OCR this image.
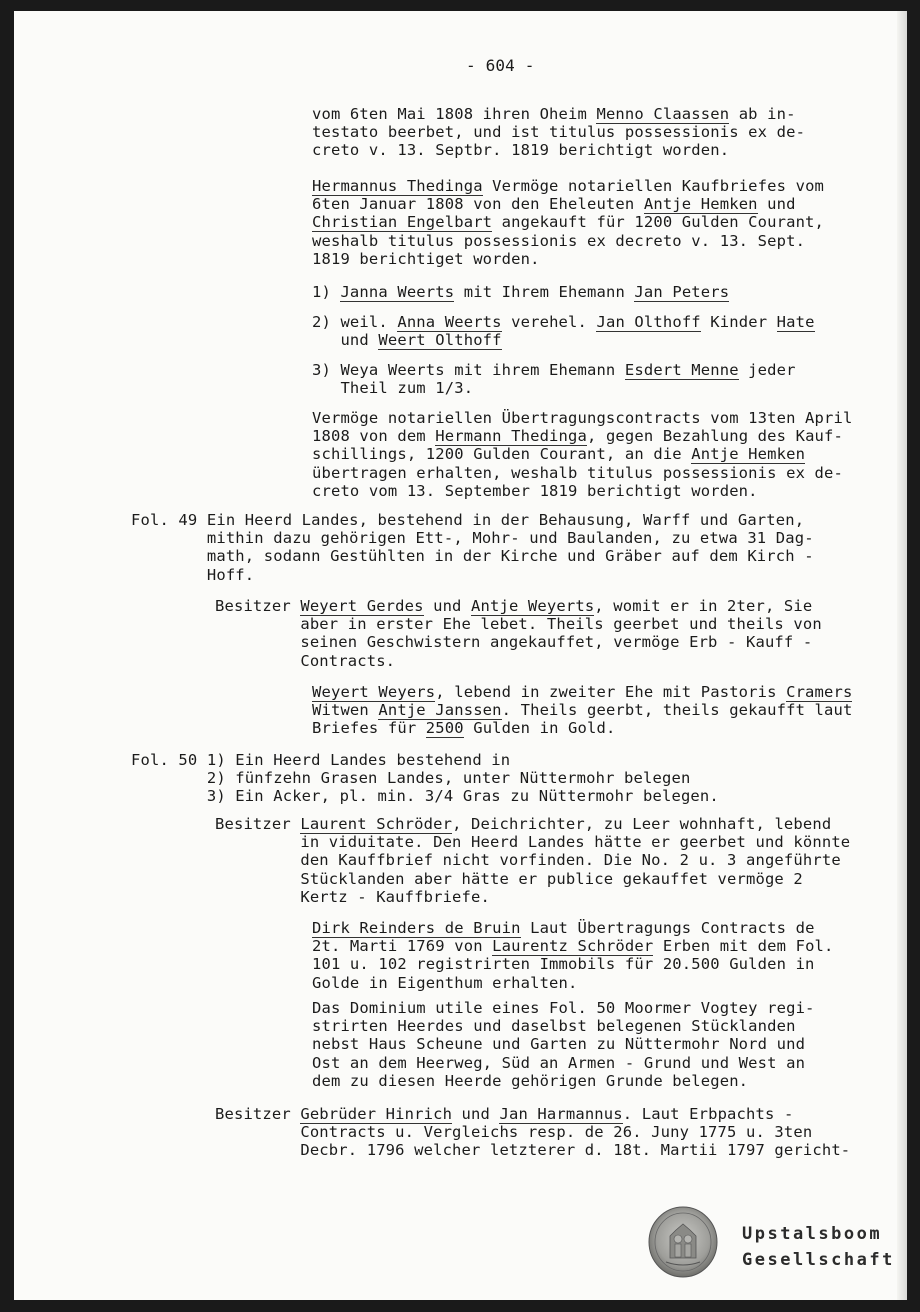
- 604 -
vom 6ten Mai 1808 ihren Oheim Menno Claassen ab in-
testato beerbet, und ist titulus possessionis ex de-
creto v. 13. Septbr. 1819 berichtigt worden.
Hermannus Thedinga Vermöge notariellen Kaufbriefes vom
6ten Januar 1808 von den Eheleuten Antje Hemken und
Christian Engelbart angekauft für 1200 Gulden Courant,
weshalb titulus possessionis ex decreto v. 13. Sept.
1819 berichtiget worden.
1) Janna Weerts mit Ihrem Ehemann Jan Peters
2) weil. Anna Weerts verehel. Jan Olthoff Kinder Hate
und Weert Olthoff
3) Weya Weerts mit ihrem Ehemann Esdert Menne jeder
Theil zum 1/3.
Vermöge notariellen Übertragungscontracts vom 13ten April
1808 von dem Hermann Thedinga, gegen Bezahlung des Kauf-
schillings, 1200 Gulden Courant, an die Antje Hemken
übertragen erhalten, weshalb titulus possessionis ex de-
creto vom 13. September 1819 berichtigt worden.
Fol. 49 Ein Heerd Landes, bestehend in der Behausung, Warff und Garten,
mithin dazu gehörigen Ett-, Mohr- und Baulanden, zu etwa 31 Dag-
math, sodann Gestühlten in der Kirche und Gräber auf dem Kirch -
Hoff.
Besitzer Weyert Gerdes und Antje Weyerts, womit er in 2ter, Sie
aber in erster Ehe lebet. Theils geerbet und theils von
seinen Geschwistern angekauffet, vermöge Erb - Kauff -
Contracts.
Weyert Weyers, lebend in zweiter Ehe mit Pastoris Cramers
Witwen Antje Janssen. Theils geerbt, theils gekaufft laut
Briefes für 2500 Gulden in Gold.
Fol. 50 1) Ein Heerd Landes bestehend in
2) fünfzehn Grasen Landes, unter Nüttermohr belegen
3) Ein Acker, pl. min. 3/4 Gras zu Nüttermohr belegen.
Besitzer Laurent Schröder, Deichrichter, zu Leer wohnhaft, lebend
in viduitate. Den Heerd Landes hätte er geerbet und könnte
den Kauffbrief nicht vorfinden. Die No. 2 u. 3 angeführte
Stücklanden aber hätte er publice gekauffet vermöge 2
Kertz - Kauffbriefe.
Dirk Reinders de Bruin Laut Übertragungs Contracts de
2t. Marti 1769 von Laurentz Schröder Erben mit dem Fol.
101 u. 102 registrirten Immobils für 20.500 Gulden in
Golde in Eigenthum erhalten.
Das Dominium utile eines Fol. 50 Moormer Vogtey regi-
strirten Heerdes und daselbst belegenen Stücklanden
nebst Haus Scheune und Garten zu Nüttermohr Nord und
Ost an dem Heerweg, Süd an Armen - Grund und West an
dem zu diesen Heerde gehörigen Grunde belegen.
Besitzer Gebrüder Hinrich und Jan Harmannus. Laut Erbpachts -
Contracts u. Vergleichs resp. de 26. Juny 1775 u. 3ten
Decbr. 1796 welcher letzterer d. 18t. Martii 1797 gericht-
Upstalsboom
Gesellschaft
